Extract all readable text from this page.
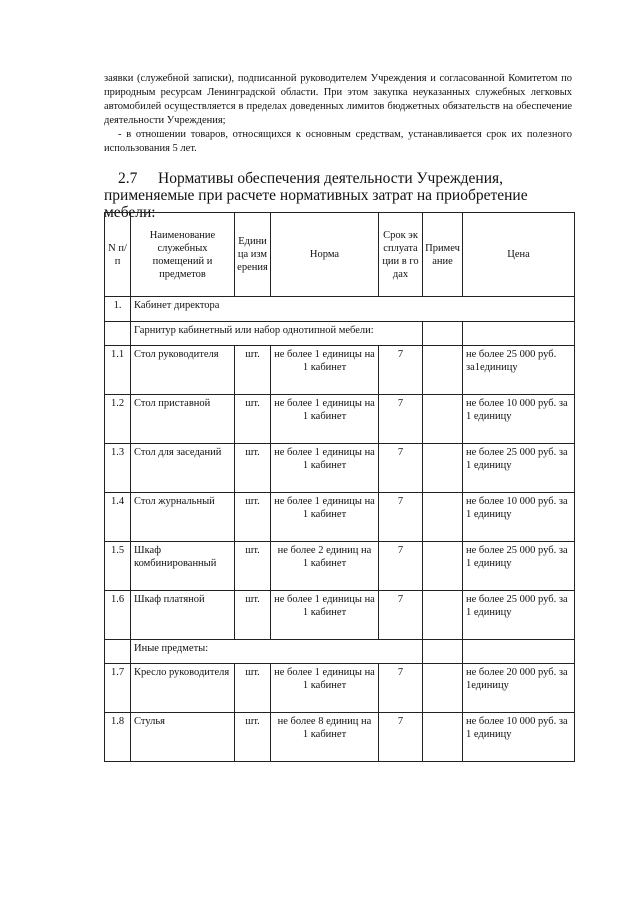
заявки (служебной записки), подписанной руководителем Учреждения и согласованной Комитетом по природным ресурсам Ленинградской области. При этом закупка неуказанных служебных легковых автомобилей осуществляется в пределах доведенных лимитов бюджетных обязательств на обеспечение деятельности Учреждения;

- в отношении товаров, относящихся к основным средствам, устанавливается срок их полезного использования 5 лет.

2.7 Нормативы обеспечения деятельности Учреждения, применяемые при расчете нормативных затрат на приобретение мебели:
N п/п	Наименование служебных помещений и предметов	Единица измерения	Норма	Срок эксплуатации в годах	Примечание	Цена
1.	Кабинет директора					
	Гарнитур кабинетный или набор однотипной мебели:					
1.1	Стол руководителя	шт.	не более 1 единицы на 1 кабинет	7		не более 25 000 руб. за1единицу
1.2	Стол приставной	шт.	не более 1 единицы на 1 кабинет	7		не более 10 000 руб. за 1 единицу
1.3	Стол для заседаний	шт.	не более 1 единицы на 1 кабинет	7		не более 25 000 руб. за 1 единицу
1.4	Стол журнальный	шт.	не более 1 единицы на 1 кабинет	7		не более 10 000 руб. за 1 единицу
1.5	Шкаф комбинированный	шт.	не более 2 единиц на 1 кабинет	7		не более 25 000 руб. за 1 единицу
1.6	Шкаф платяной	шт.	не более 1 единицы на 1 кабинет	7		не более 25 000 руб. за 1 единицу
	Иные предметы:					
1.7	Кресло руководителя	шт.	не более 1 единицы на 1 кабинет	7		не более 20 000 руб. за 1единицу
1.8	Стулья	шт.	не более 8 единиц на 1 кабинет	7		не более 10 000 руб. за 1 единицу
